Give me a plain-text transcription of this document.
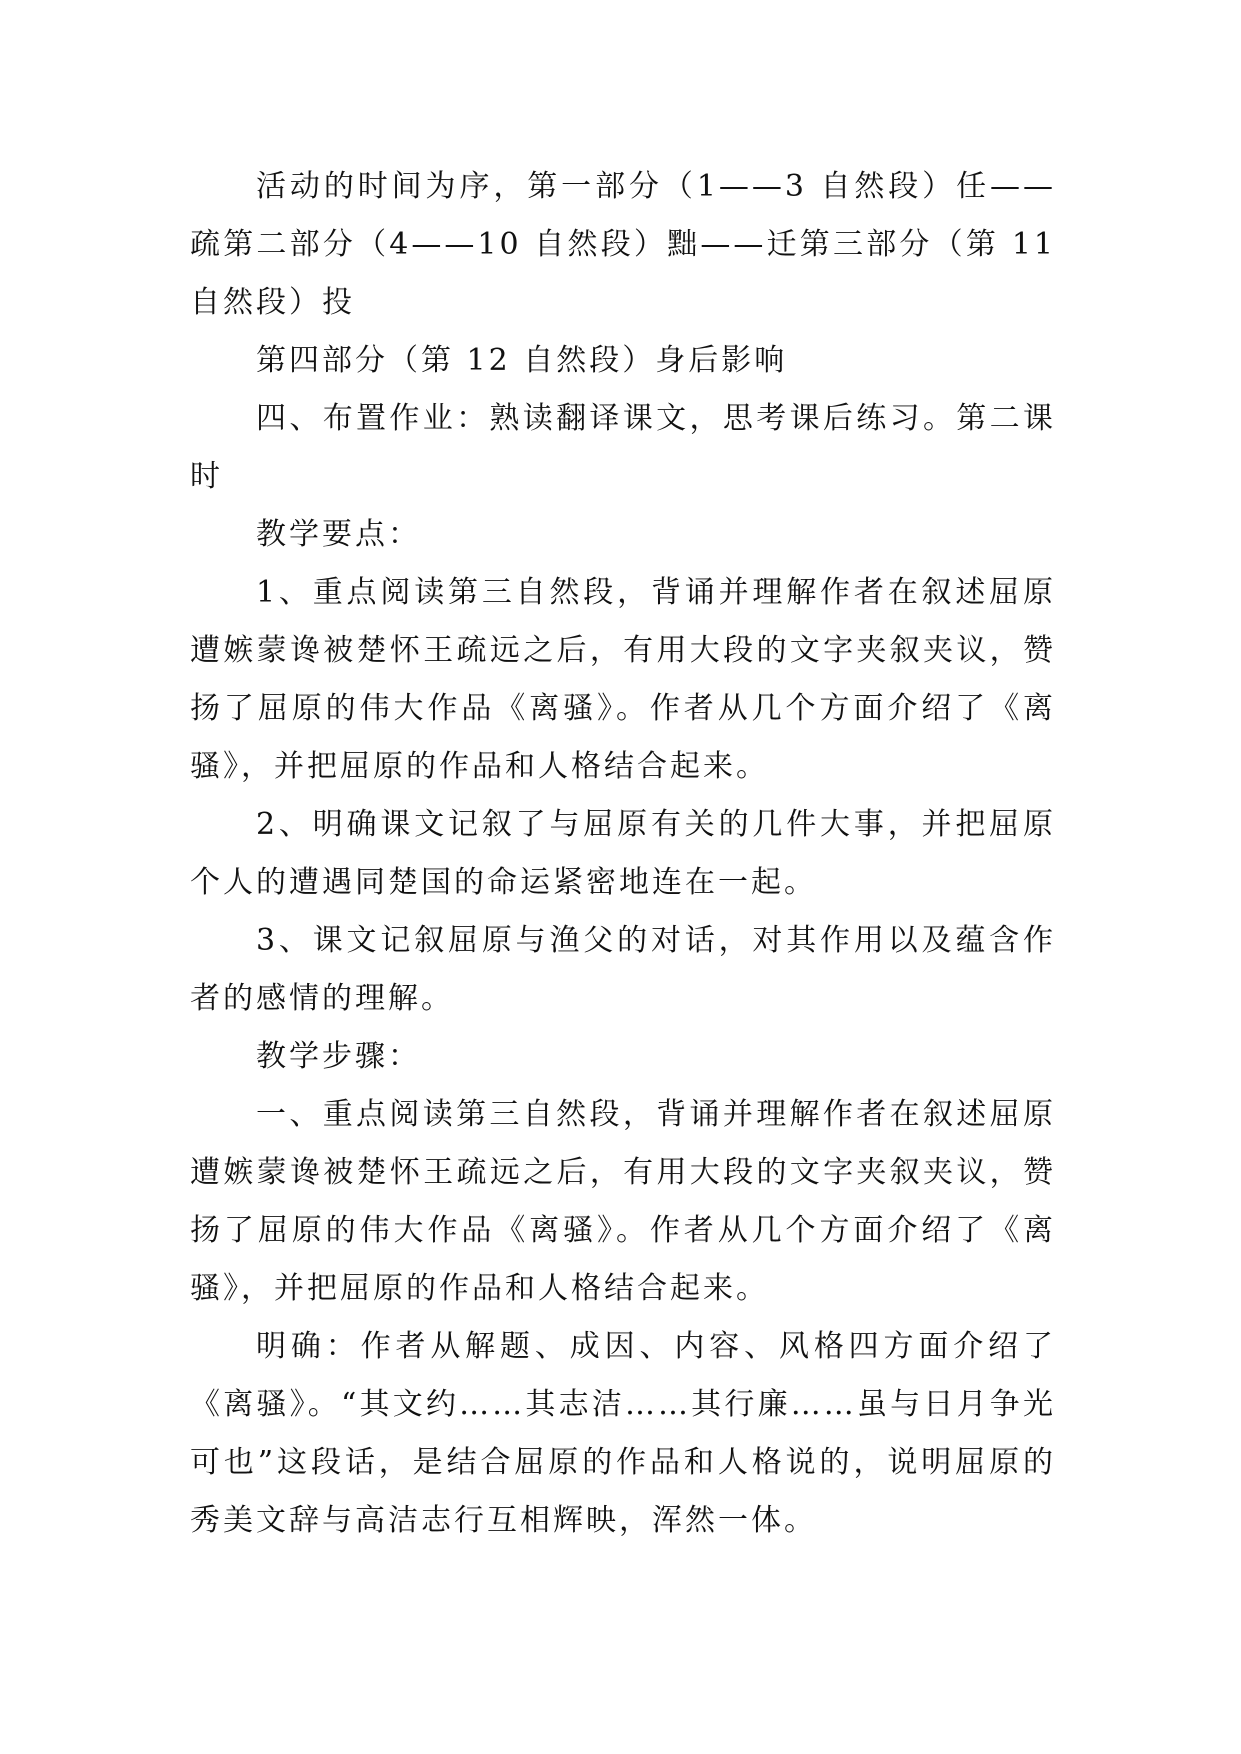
活动的时间为序，第一部分（1——3 自然段）任——疏第二部分（4——10 自然段）黜——迁第三部分（第 11 自然段）投

第四部分（第 12 自然段）身后影响

四、布置作业：熟读翻译课文，思考课后练习。第二课时

教学要点：

1、重点阅读第三自然段，背诵并理解作者在叙述屈原遭嫉蒙谗被楚怀王疏远之后，有用大段的文字夹叙夹议，赞扬了屈原的伟大作品《离骚》。作者从几个方面介绍了《离骚》，并把屈原的作品和人格结合起来。

2、明确课文记叙了与屈原有关的几件大事，并把屈原个人的遭遇同楚国的命运紧密地连在一起。

3、课文记叙屈原与渔父的对话，对其作用以及蕴含作者的感情的理解。

教学步骤：

一、重点阅读第三自然段，背诵并理解作者在叙述屈原遭嫉蒙谗被楚怀王疏远之后，有用大段的文字夹叙夹议，赞扬了屈原的伟大作品《离骚》。作者从几个方面介绍了《离骚》，并把屈原的作品和人格结合起来。

明确：作者从解题、成因、内容、风格四方面介绍了《离骚》。“其文约……其志洁……其行廉……虽与日月争光可也”这段话，是结合屈原的作品和人格说的，说明屈原的秀美文辞与高洁志行互相辉映，浑然一体。
